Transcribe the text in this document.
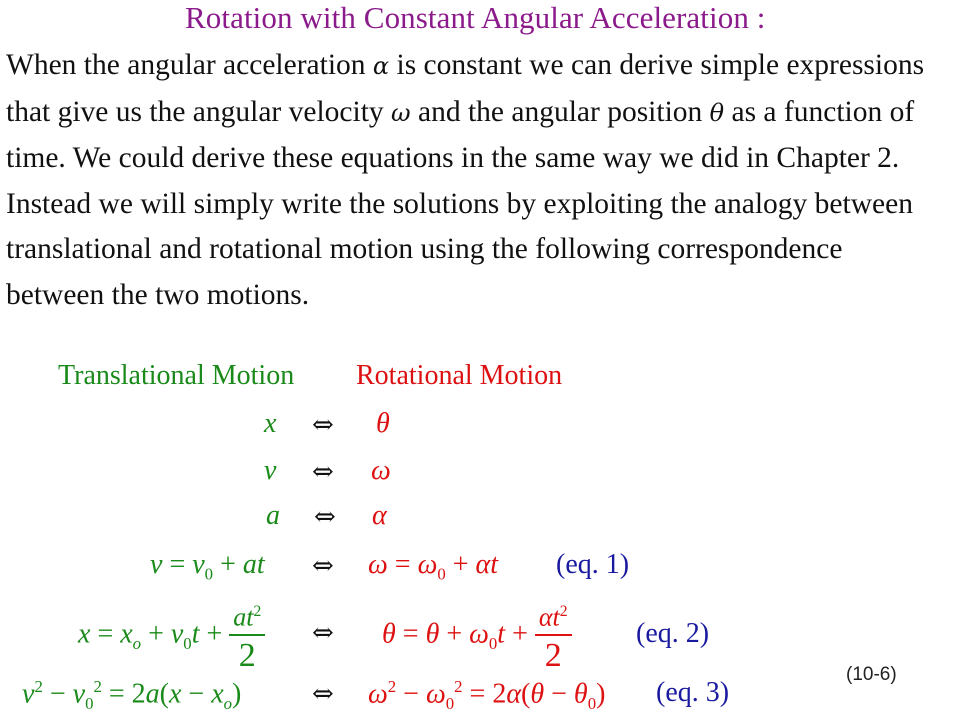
Rotation with Constant Angular Acceleration :
When the angular acceleration α is constant we can derive simple expressions
that give us the angular velocity ω and the angular position θ as a function of
time. We could derive these equations in the same way we did in Chapter 2.
Instead we will simply write the solutions by exploiting the analogy between
translational and rotational motion using the following correspondence
between the two motions.
Translational Motion Rotational Motion
x ⇔ θ
v ⇔ ω
a ⇔ α
$v = v_0$ + at ⇔ $\omega = \omega_0 + \alpha t$ (eq. 1)
$x = x_o + v_0t + \frac{at^2}{2}$ ⇔ $\theta = \theta + \omega_0t + \frac{\alpha t^2}{2} (eq$. 2)
$v^2 - v_0^2 = 2a(x - x_o)$	⇔ $\omega^2 - \omega_0^2 = 2\alpha(\theta - \theta_0)$ (eq. 3)
(10-6)
